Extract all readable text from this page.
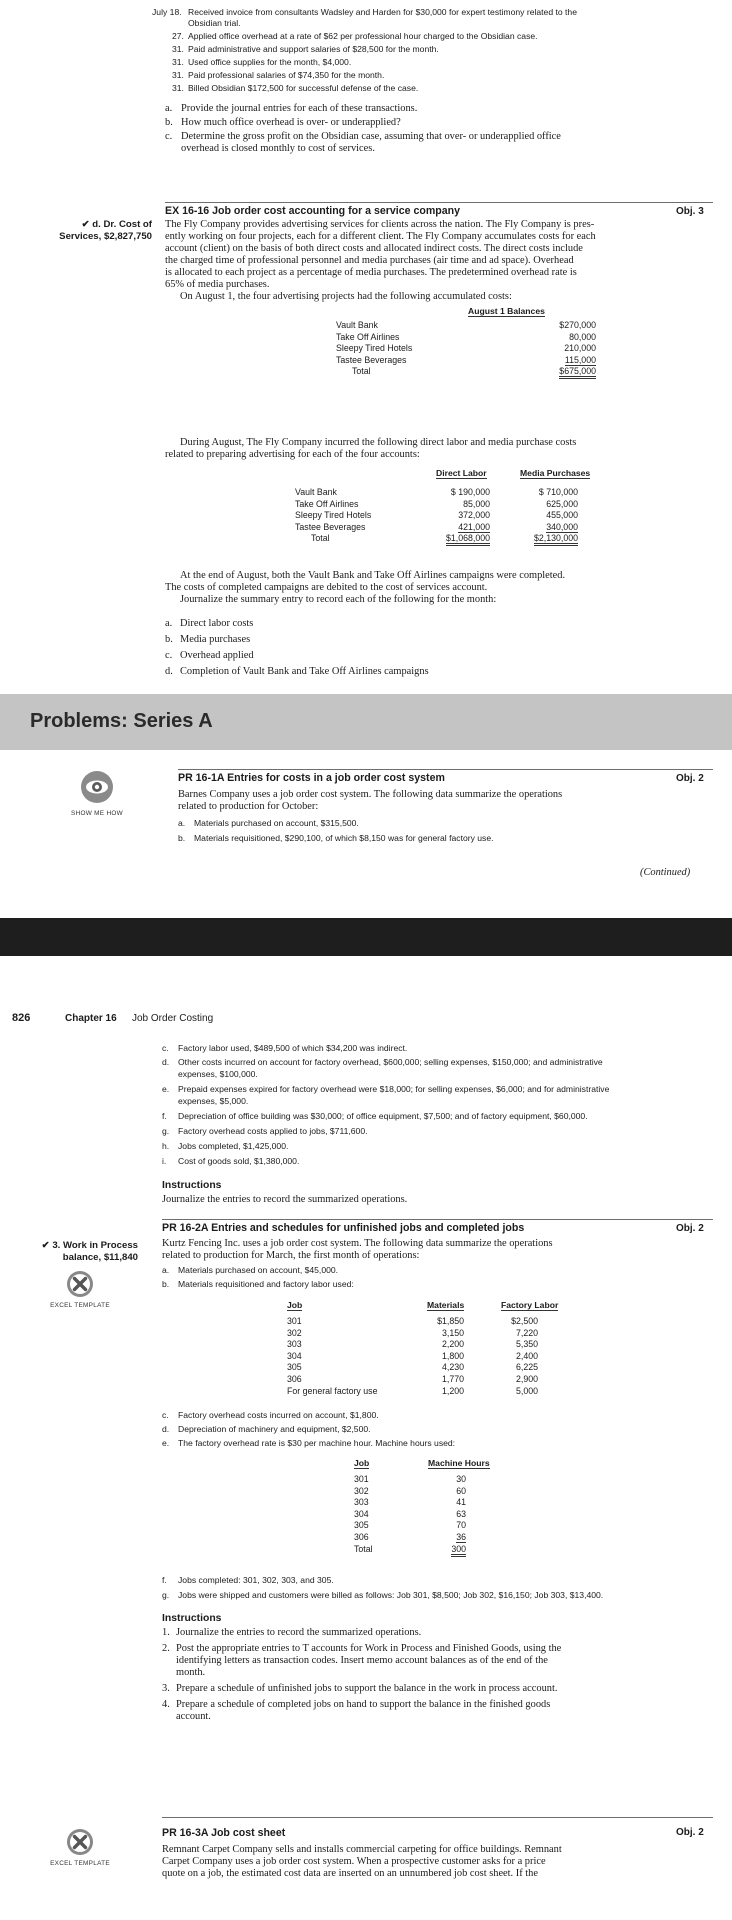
July 18. Received invoice from consultants Wadsley and Harden for $30,000 for expert testimony related to the
Obsidian trial.
27. Applied office overhead at a rate of $62 per professional hour charged to the Obsidian case.
31. Paid administrative and support salaries of $28,500 for the month.
31. Used office supplies for the month, $4,000.
31. Paid professional salaries of $74,350 for the month.
31. Billed Obsidian $172,500 for successful defense of the case.
a. Provide the journal entries for each of these transactions.
b. How much office overhead is over- or underapplied?
c. Determine the gross profit on the Obsidian case, assuming that over- or underapplied office
overhead is closed monthly to cost of services.
EX 16-16 Job order cost accounting for a service company	Obj. 3
✔ d. Dr. Cost of
Services, $2,827,750
The Fly Company provides advertising services for clients across the nation. The Fly Company is pres-
ently working on four projects, each for a different client. The Fly Company accumulates costs for each
account (client) on the basis of both direct costs and allocated indirect costs. The direct costs include
the charged time of professional personnel and media purchases (air time and ad space). Overhead
is allocated to each project as a percentage of media purchases. The predetermined overhead rate is
65% of media purchases.
On August 1, the four advertising projects had the following accumulated costs:
August 1 Balances
Vault Bank	$270,000
Take Off Airlines	80,000
Sleepy Tired Hotels	210,000
Tastee Beverages	115,000
Total	$675,000
During August, The Fly Company incurred the following direct labor and media purchase costs
related to preparing advertising for each of the four accounts:
Direct Labor	Media Purchases
Vault Bank	$ 190,000	$ 710,000
Take Off Airlines	85,000	625,000
Sleepy Tired Hotels	372,000	455,000
Tastee Beverages	421,000	340,000
Total	$1,068,000	$2,130,000
At the end of August, both the Vault Bank and Take Off Airlines campaigns were completed.
The costs of completed campaigns are debited to the cost of services account.
Journalize the summary entry to record each of the following for the month:
a. Direct labor costs
b. Media purchases
c. Overhead applied
d. Completion of Vault Bank and Take Off Airlines campaigns
Problems: Series A
SHOW ME HOW
PR 16-1A Entries for costs in a job order cost system	Obj. 2
Barnes Company uses a job order cost system. The following data summarize the operations
related to production for October:
a. Materials purchased on account, $315,500.
b. Materials requisitioned, $290,100, of which $8,150 was for general factory use.
(Continued)
826	Chapter 16 Job Order Costing
c. Factory labor used, $489,500 of which $34,200 was indirect.
d. Other costs incurred on account for factory overhead, $600,000; selling expenses, $150,000; and administrative
expenses, $100,000.
e. Prepaid expenses expired for factory overhead were $18,000; for selling expenses, $6,000; and for administrative
expenses, $5,000.
f. Depreciation of office building was $30,000; of office equipment, $7,500; and of factory equipment, $60,000.
g. Factory overhead costs applied to jobs, $711,600.
h. Jobs completed, $1,425,000.
i. Cost of goods sold, $1,380,000.
Instructions
Journalize the entries to record the summarized operations.
PR 16-2A Entries and schedules for unfinished jobs and completed jobs	Obj. 2
✔ 3. Work in Process
balance, $11,840
EXCEL TEMPLATE
Kurtz Fencing Inc. uses a job order cost system. The following data summarize the operations
related to production for March, the first month of operations:
a. Materials purchased on account, $45,000.
b. Materials requisitioned and factory labor used:
Job	Materials	Factory Labor
301	$1,850	$2,500
302	3,150	7,220
303	2,200	5,350
304	1,800	2,400
305	4,230	6,225
306	1,770	2,900
For general factory use	1,200	5,000
c. Factory overhead costs incurred on account, $1,800.
d. Depreciation of machinery and equipment, $2,500.
e. The factory overhead rate is $30 per machine hour. Machine hours used:
Job	Machine Hours
301	30
302	60
303	41
304	63
305	70
306	36
Total	300
f. Jobs completed: 301, 302, 303, and 305.
g. Jobs were shipped and customers were billed as follows: Job 301, $8,500; Job 302, $16,150; Job 303, $13,400.
Instructions
1. Journalize the entries to record the summarized operations.
2. Post the appropriate entries to T accounts for Work in Process and Finished Goods, using the
identifying letters as transaction codes. Insert memo account balances as of the end of the
month.
3. Prepare a schedule of unfinished jobs to support the balance in the work in process account.
4. Prepare a schedule of completed jobs on hand to support the balance in the finished goods
account.
PR 16-3A Job cost sheet	Obj. 2
EXCEL TEMPLATE
Remnant Carpet Company sells and installs commercial carpeting for office buildings. Remnant
Carpet Company uses a job order cost system. When a prospective customer asks for a price
quote on a job, the estimated cost data are inserted on an unnumbered job cost sheet. If the
